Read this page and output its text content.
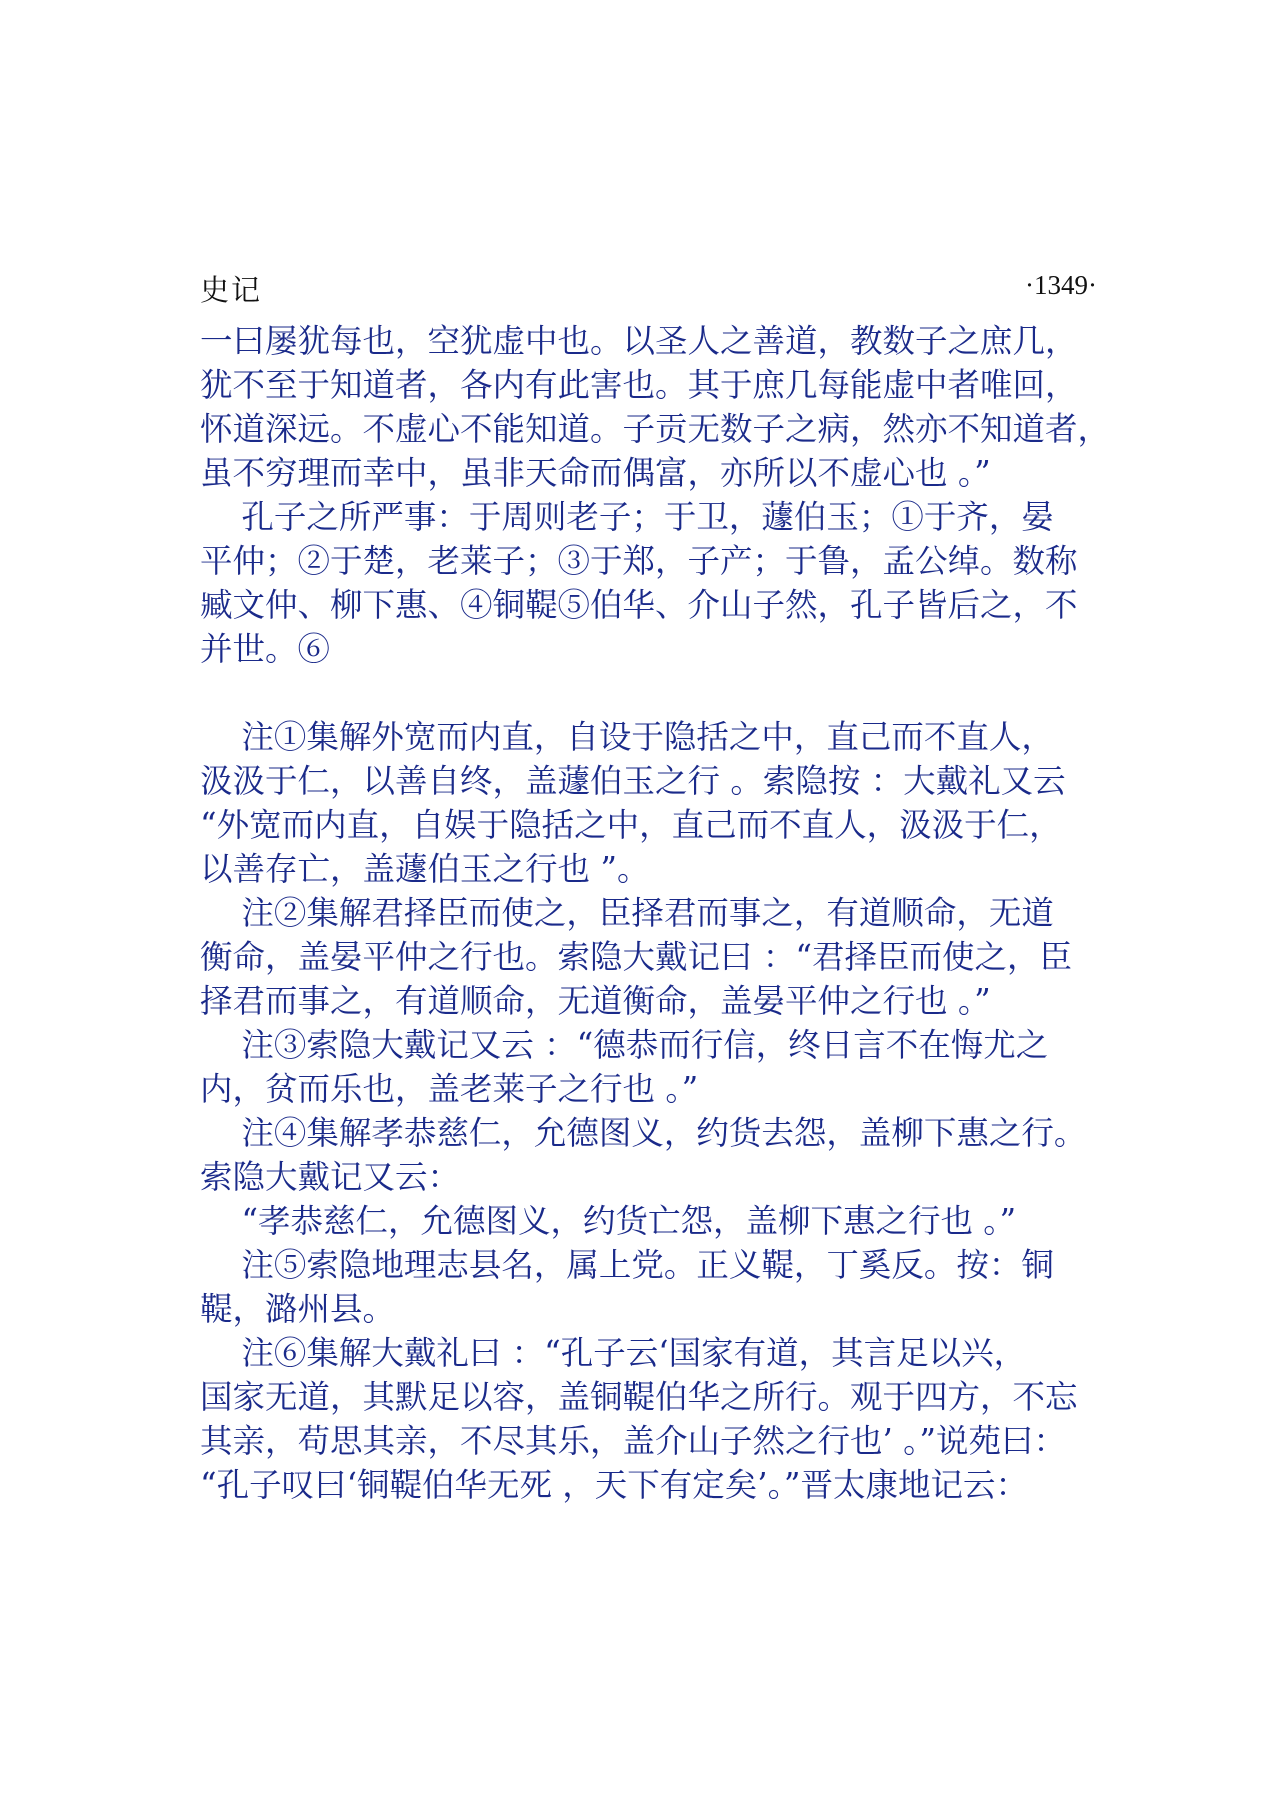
史记	·1349·
一曰屡犹每也，空犹虚中也。以圣人之善道，教数子之庶几，
犹不至于知道者，各内有此害也。其于庶几每能虚中者唯回，
怀道深远。不虚心不能知道。子贡无数子之病，然亦不知道者，
虽不穷理而幸中，虽非天命而偶富，亦所以不虚心也 。”
孔子之所严事：于周则老子；于卫，蘧伯玉；①于齐，晏
平仲；②于楚，老莱子；③于郑，子产；于鲁，孟公绰。数称
臧文仲、柳下惠、④铜鞮⑤伯华、介山子然，孔子皆后之，不
并世。⑥
注①集解外宽而内直，自设于隐括之中，直己而不直人，
汲汲于仁，以善自终，盖蘧伯玉之行 。索隐按 ：大戴礼又云
“外宽而内直，自娱于隐括之中，直己而不直人，汲汲于仁，
以善存亡，盖蘧伯玉之行也 ”。
注②集解君择臣而使之，臣择君而事之，有道顺命，无道
衡命，盖晏平仲之行也。索隐大戴记曰 ：“君择臣而使之，臣
择君而事之，有道顺命，无道衡命，盖晏平仲之行也 。”
注③索隐大戴记又云 ：“德恭而行信，终日言不在悔尤之
内，贫而乐也，盖老莱子之行也 。”
注④集解孝恭慈仁，允德图义，约货去怨，盖柳下惠之行。
索隐大戴记又云：
“孝恭慈仁，允德图义，约货亡怨，盖柳下惠之行也 。”
注⑤索隐地理志县名，属上党。正义鞮，丁奚反。按：铜
鞮，潞州县。
注⑥集解大戴礼曰 ：“孔子云‘国家有道，其言足以兴，
国家无道，其默足以容，盖铜鞮伯华之所行。观于四方，不忘
其亲，苟思其亲，不尽其乐，盖介山子然之行也’ 。”说苑曰：
“孔子叹曰‘铜鞮伯华无死 ，天下有定矣’。”晋太康地记云：
